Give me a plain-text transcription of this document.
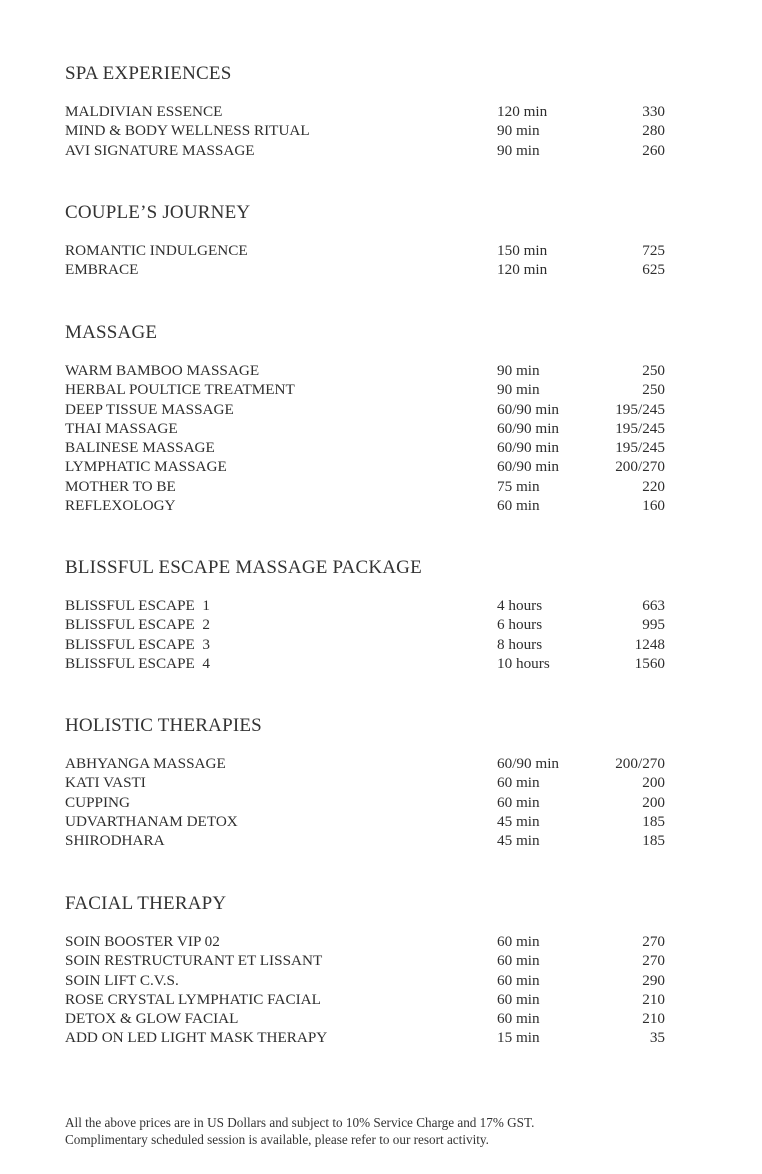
SPA EXPERIENCES
MALDIVIAN ESSENCE	120 min	330
MIND & BODY WELLNESS RITUAL	90 min	280
AVI SIGNATURE MASSAGE	90 min	260
COUPLE’S JOURNEY
ROMANTIC INDULGENCE	150 min	725
EMBRACE	120 min	625
MASSAGE
WARM BAMBOO MASSAGE	90 min	250
HERBAL POULTICE TREATMENT	90 min	250
DEEP TISSUE MASSAGE	60/90 min	195/245
THAI MASSAGE	60/90 min	195/245
BALINESE MASSAGE	60/90 min	195/245
LYMPHATIC MASSAGE	60/90 min	200/270
MOTHER TO BE	75 min	220
REFLEXOLOGY	60 min	160
BLISSFUL ESCAPE MASSAGE PACKAGE
BLISSFUL ESCAPE  1	4 hours	663
BLISSFUL ESCAPE  2	6 hours	995
BLISSFUL ESCAPE  3	8 hours	1248
BLISSFUL ESCAPE  4	10 hours	1560
HOLISTIC THERAPIES
ABHYANGA MASSAGE	60/90 min	200/270
KATI VASTI	60 min	200
CUPPING	60 min	200
UDVARTHANAM DETOX	45 min	185
SHIRODHARA	45 min	185
FACIAL THERAPY
SOIN BOOSTER VIP 02	60 min	270
SOIN RESTRUCTURANT ET LISSANT	60 min	270
SOIN LIFT C.V.S.	60 min	290
ROSE CRYSTAL LYMPHATIC FACIAL	60 min	210
DETOX & GLOW FACIAL	60 min	210
ADD ON LED LIGHT MASK THERAPY	15 min	35
All the above prices are in US Dollars and subject to 10% Service Charge and 17% GST.
Complimentary scheduled session is available, please refer to our resort activity.
